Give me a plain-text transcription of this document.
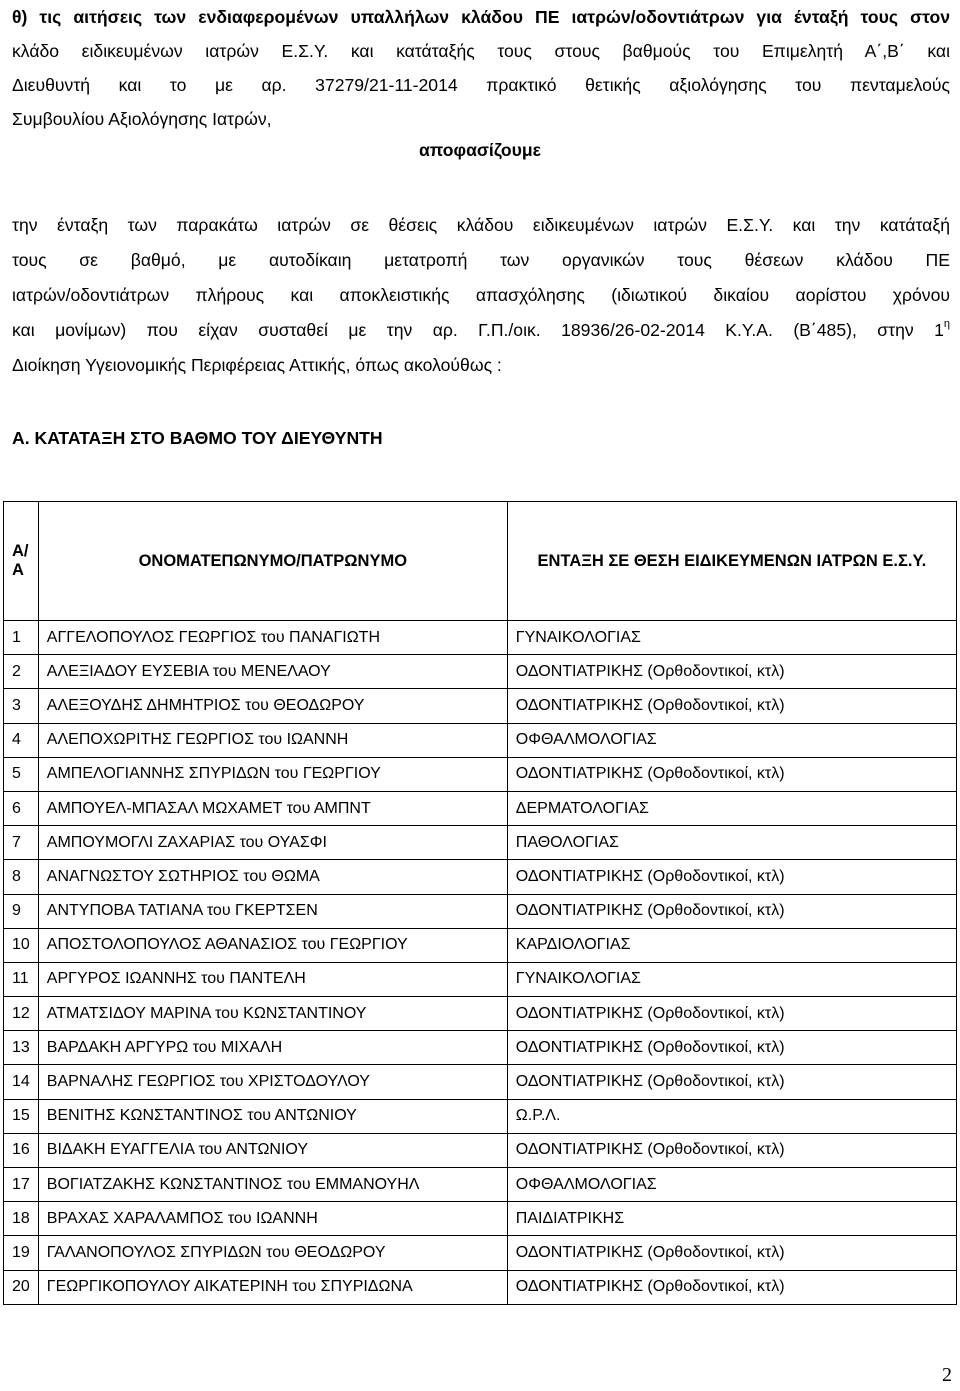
θ) τις αιτήσεις των ενδιαφερομένων υπαλλήλων κλάδου ΠΕ ιατρών/οδοντιάτρων για ένταξή τους στον
κλάδο ειδικευμένων ιατρών Ε.Σ.Υ. και κατάταξής τους στους βαθμούς του Επιμελητή Α΄,Β΄ και
Διευθυντή και το με αρ. 37279/21-11-2014 πρακτικό θετικής αξιολόγησης του πενταμελούς
Συμβουλίου Αξιολόγησης Ιατρών,
αποφασίζουμε
την ένταξη των παρακάτω ιατρών σε θέσεις κλάδου ειδικευμένων ιατρών Ε.Σ.Υ. και την κατάταξή
τους σε βαθμό, με αυτοδίκαιη μετατροπή των οργανικών τους θέσεων κλάδου ΠΕ
ιατρών/οδοντιάτρων πλήρους και αποκλειστικής απασχόλησης (ιδιωτικού δικαίου αορίστου χρόνου
και μονίμων) που είχαν συσταθεί με την αρ. Γ.Π./οικ. 18936/26-02-2014 Κ.Υ.Α. (Β΄485), στην $1^\eta$
Διοίκηση Υγειονομικής Περιφέρειας Αττικής, όπως ακολούθως :
Α. ΚΑΤΑΤΑΞΗ ΣΤΟ ΒΑΘΜΟ ΤΟΥ ΔΙΕΥΘΥΝΤΗ
Α/Α	ΟΝΟΜΑΤΕΠΩΝΥΜΟ/ΠΑΤΡΩΝΥΜΟ	ΕΝΤΑΞΗ ΣΕ ΘΕΣΗ ΕΙΔΙΚΕΥΜΕΝΩΝ ΙΑΤΡΩΝ Ε.Σ.Υ.
1	ΑΓΓΕΛΟΠΟΥΛΟΣ ΓΕΩΡΓΙΟΣ του ΠΑΝΑΓΙΩΤΗ	ΓΥΝΑΙΚΟΛΟΓΙΑΣ
2	ΑΛΕΞΙΑΔΟΥ ΕΥΣΕΒΙΑ του ΜΕΝΕΛΑΟΥ	ΟΔΟΝΤΙΑΤΡΙΚΗΣ (Ορθοδοντικοί, κτλ)
3	ΑΛΕΞΟΥΔΗΣ ΔΗΜΗΤΡΙΟΣ του ΘΕΟΔΩΡΟΥ	ΟΔΟΝΤΙΑΤΡΙΚΗΣ (Ορθοδοντικοί, κτλ)
4	ΑΛΕΠΟΧΩΡΙΤΗΣ ΓΕΩΡΓΙΟΣ του ΙΩΑΝΝΗ	ΟΦΘΑΛΜΟΛΟΓΙΑΣ
5	ΑΜΠΕΛΟΓΙΑΝΝΗΣ ΣΠΥΡΙΔΩΝ του ΓΕΩΡΓΙΟΥ	ΟΔΟΝΤΙΑΤΡΙΚΗΣ (Ορθοδοντικοί, κτλ)
6	ΑΜΠΟΥΕΛ-ΜΠΑΣΑΛ ΜΩΧΑΜΕΤ του ΑΜΠΝΤ	ΔΕΡΜΑΤΟΛΟΓΙΑΣ
7	ΑΜΠΟΥΜΟΓΛΙ ΖΑΧΑΡΙΑΣ του ΟΥΑΣΦΙ	ΠΑΘΟΛΟΓΙΑΣ
8	ΑΝΑΓΝΩΣΤΟΥ ΣΩΤΗΡΙΟΣ του ΘΩΜΑ	ΟΔΟΝΤΙΑΤΡΙΚΗΣ (Ορθοδοντικοί, κτλ)
9	ΑΝΤΥΠΟΒΑ ΤΑΤΙΑΝΑ του ΓΚΕΡΤΣΕΝ	ΟΔΟΝΤΙΑΤΡΙΚΗΣ (Ορθοδοντικοί, κτλ)
10	ΑΠΟΣΤΟΛΟΠΟΥΛΟΣ ΑΘΑΝΑΣΙΟΣ του ΓΕΩΡΓΙΟΥ	ΚΑΡΔΙΟΛΟΓΙΑΣ
11	ΑΡΓΥΡΟΣ ΙΩΑΝΝΗΣ του ΠΑΝΤΕΛΗ	ΓΥΝΑΙΚΟΛΟΓΙΑΣ
12	ΑΤΜΑΤΣΙΔΟΥ ΜΑΡΙΝΑ του ΚΩΝΣΤΑΝΤΙΝΟΥ	ΟΔΟΝΤΙΑΤΡΙΚΗΣ (Ορθοδοντικοί, κτλ)
13	ΒΑΡΔΑΚΗ ΑΡΓΥΡΩ του ΜΙΧΑΛΗ	ΟΔΟΝΤΙΑΤΡΙΚΗΣ (Ορθοδοντικοί, κτλ)
14	ΒΑΡΝΑΛΗΣ ΓΕΩΡΓΙΟΣ του ΧΡΙΣΤΟΔΟΥΛΟΥ	ΟΔΟΝΤΙΑΤΡΙΚΗΣ (Ορθοδοντικοί, κτλ)
15	ΒΕΝΙΤΗΣ ΚΩΝΣΤΑΝΤΙΝΟΣ του ΑΝΤΩΝΙΟΥ	Ω.Ρ.Λ.
16	ΒΙΔΑΚΗ ΕΥΑΓΓΕΛΙΑ του ΑΝΤΩΝΙΟΥ	ΟΔΟΝΤΙΑΤΡΙΚΗΣ (Ορθοδοντικοί, κτλ)
17	ΒΟΓΙΑΤΖΑΚΗΣ ΚΩΝΣΤΑΝΤΙΝΟΣ του ΕΜΜΑΝΟΥΗΛ	ΟΦΘΑΛΜΟΛΟΓΙΑΣ
18	ΒΡΑΧΑΣ ΧΑΡΑΛΑΜΠΟΣ του ΙΩΑΝΝΗ	ΠΑΙΔΙΑΤΡΙΚΗΣ
19	ΓΑΛΑΝΟΠΟΥΛΟΣ ΣΠΥΡΙΔΩΝ του ΘΕΟΔΩΡΟΥ	ΟΔΟΝΤΙΑΤΡΙΚΗΣ (Ορθοδοντικοί, κτλ)
20	ΓΕΩΡΓΙΚΟΠΟΥΛΟΥ ΑΙΚΑΤΕΡΙΝΗ του ΣΠΥΡΙΔΩΝΑ	ΟΔΟΝΤΙΑΤΡΙΚΗΣ (Ορθοδοντικοί, κτλ)
2
